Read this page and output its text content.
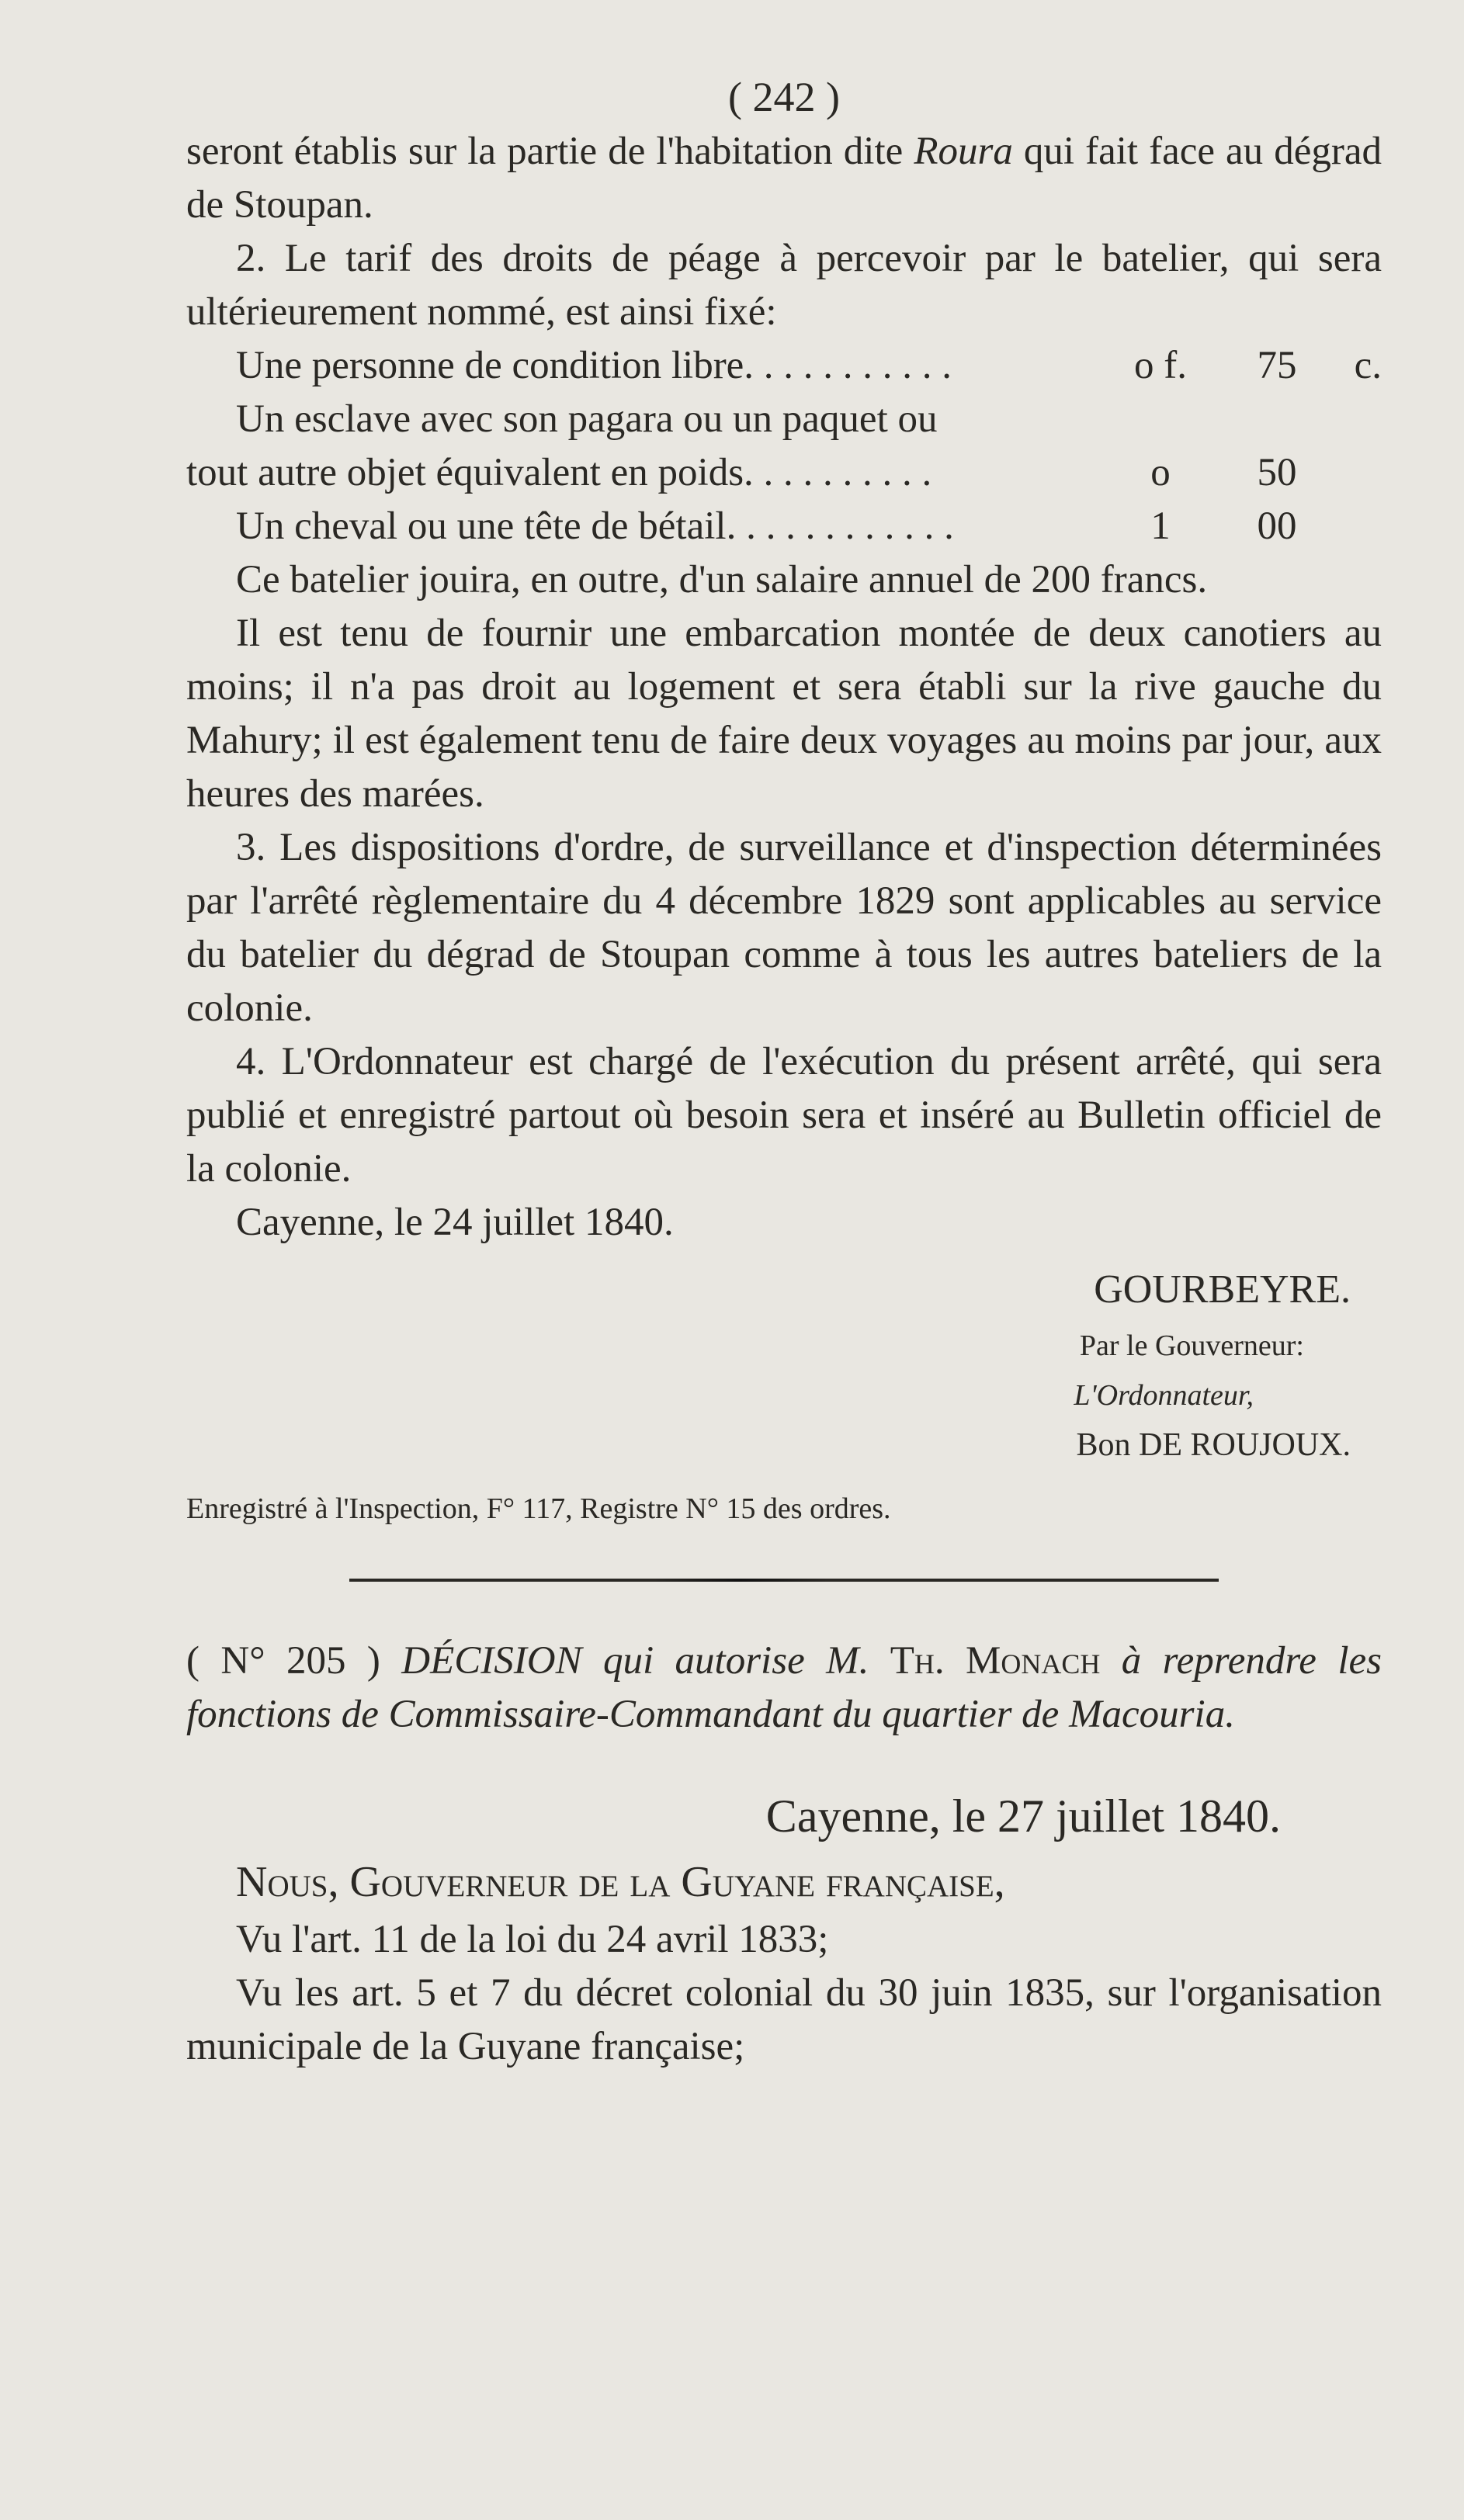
( 242 )

seront établis sur la partie de l'habitation dite Roura qui fait face au dégrad de Stoupan.

2. Le tarif des droits de péage à percevoir par le batelier, qui sera ultérieurement nommé, est ainsi fixé:

Une personne de condition libre. . . . . . . . . . .	o f.	75	c.
Un esclave avec son pagara ou un paquet ou
tout autre objet équivalent en poids. . . . . . . . . .	o	50
Un cheval ou une tête de bétail. . . . . . . . . . . .	1	00

Ce batelier jouira, en outre, d'un salaire annuel de 200 francs.

Il est tenu de fournir une embarcation montée de deux canotiers au moins; il n'a pas droit au logement et sera établi sur la rive gauche du Mahury; il est également tenu de faire deux voyages au moins par jour, aux heures des marées.

3. Les dispositions d'ordre, de surveillance et d'inspection déterminées par l'arrêté règlementaire du 4 décembre 1829 sont applicables au service du batelier du dégrad de Stoupan comme à tous les autres bateliers de la colonie.

4. L'Ordonnateur est chargé de l'exécution du présent arrêté, qui sera publié et enregistré partout où besoin sera et inséré au Bulletin officiel de la colonie.

Cayenne, le 24 juillet 1840.

GOURBEYRE.
Par le Gouverneur:
L'Ordonnateur,
Bon DE ROUJOUX.
Enregistré à l'Inspection, F° 117, Registre N° 15 des ordres.

( N° 205 ) DÉCISION qui autorise M. Th. Monach à reprendre les fonctions de Commissaire-Commandant du quartier de Macouria.

Cayenne, le 27 juillet 1840.
Nous, Gouverneur de la Guyane française,

Vu l'art. 11 de la loi du 24 avril 1833;

Vu les art. 5 et 7 du décret colonial du 30 juin 1835, sur l'organisation municipale de la Guyane française;
